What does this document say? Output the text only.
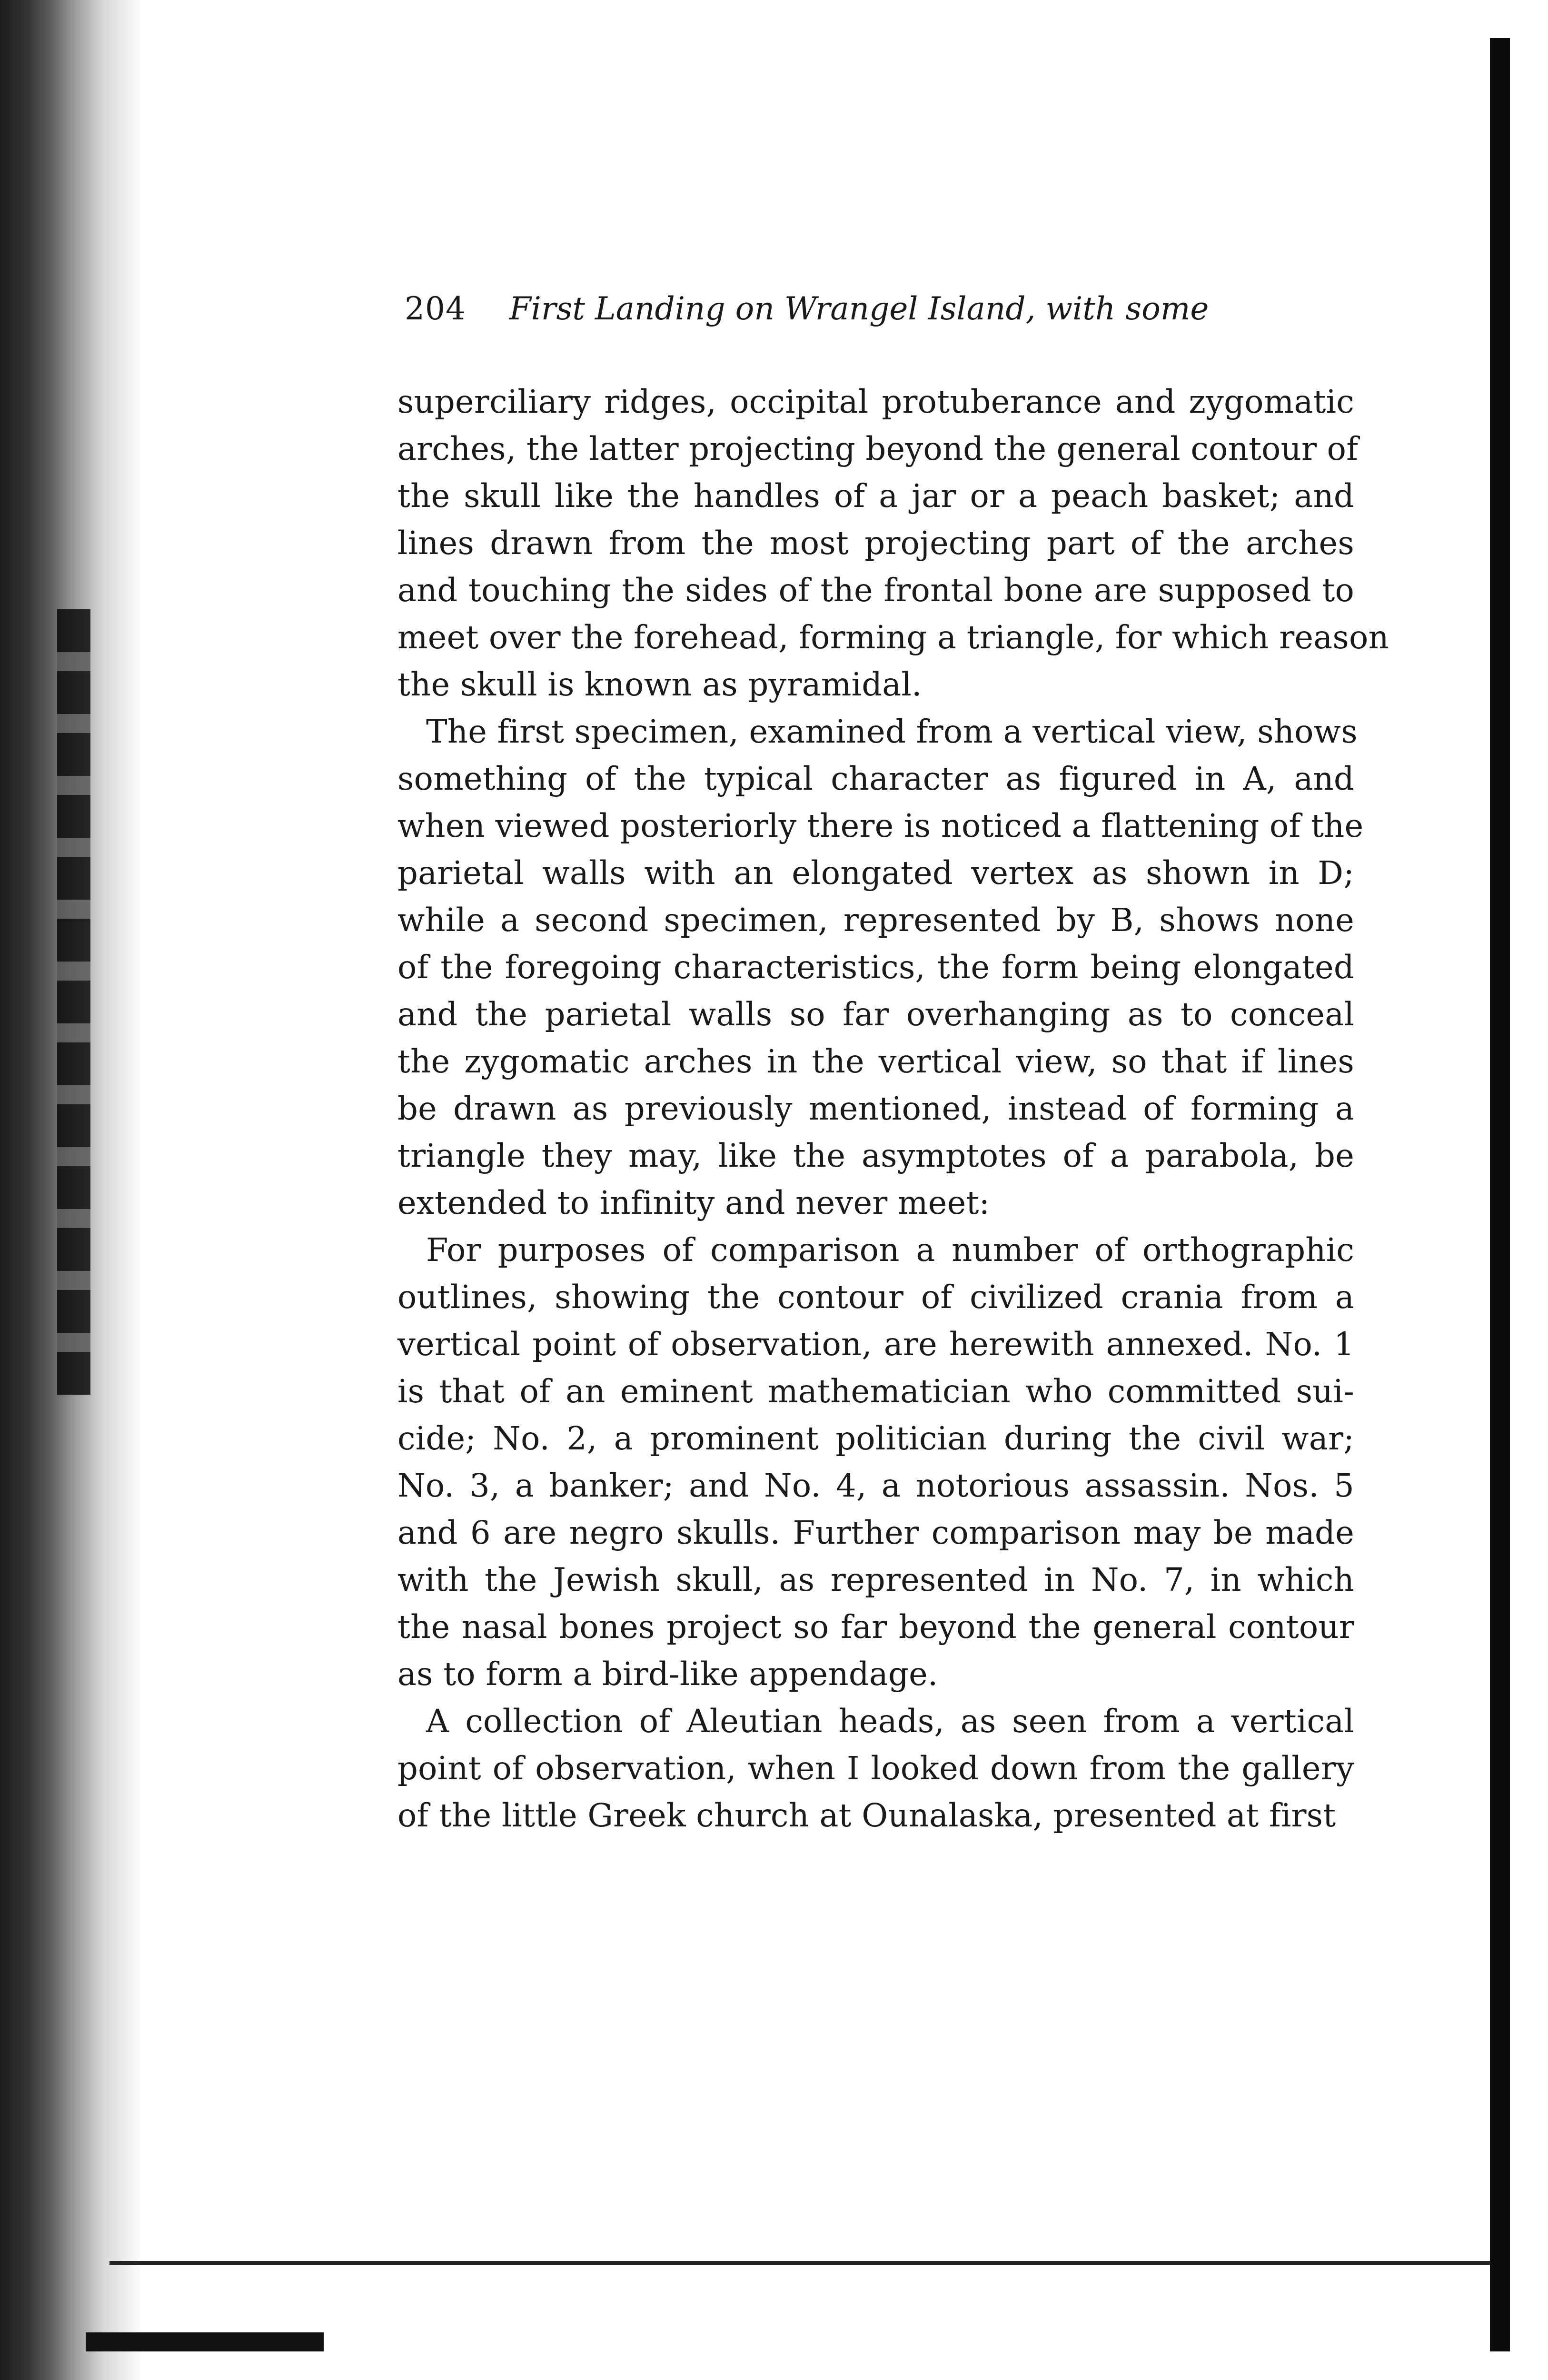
204 First Landing on Wrangel Island, with some
superciliary ridges, occipital protuberance and zygomatic
arches, the latter projecting beyond the general contour of
the skull like the handles of a jar or a peach basket; and
lines drawn from the most projecting part of the arches
and touching the sides of the frontal bone are supposed to
meet over the forehead, forming a triangle, for which reason
the skull is known as pyramidal.
The first specimen, examined from a vertical view, shows
something of the typical character as figured in A, and
when viewed posteriorly there is noticed a flattening of the
parietal walls with an elongated vertex as shown in D;
while a second specimen, represented by B, shows none
of the foregoing characteristics, the form being elongated
and the parietal walls so far overhanging as to conceal
the zygomatic arches in the vertical view, so that if lines
be drawn as previously mentioned, instead of forming a
triangle they may, like the asymptotes of a parabola, be
extended to infinity and never meet:
For purposes of comparison a number of orthographic
outlines, showing the contour of civilized crania from a
vertical point of observation, are herewith annexed. No. 1
is that of an eminent mathematician who committed sui-
cide; No. 2, a prominent politician during the civil war;
No. 3, a banker; and No. 4, a notorious assassin. Nos. 5
and 6 are negro skulls. Further comparison may be made
with the Jewish skull, as represented in No. 7, in which
the nasal bones project so far beyond the general contour
as to form a bird-like appendage.
A collection of Aleutian heads, as seen from a vertical
point of observation, when I looked down from the gallery
of the little Greek church at Ounalaska, presented at first
